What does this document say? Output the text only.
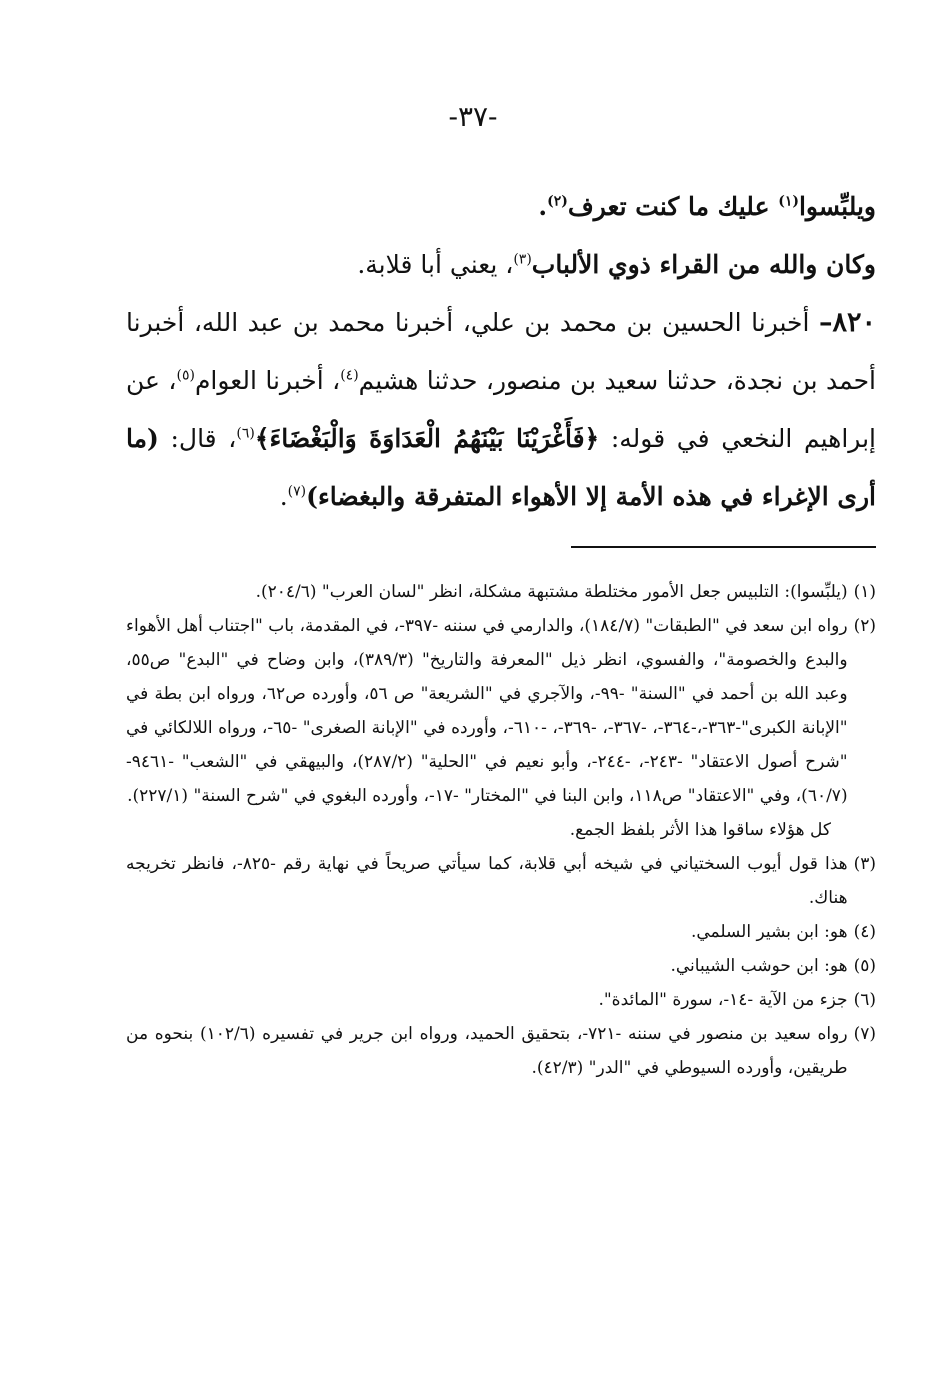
-٣٧-

ويلبِّسوا$^{(١)}$ عليك ما كنت تعرف$^{(٢)}$.

وكان والله من القراء ذوي الألباب$^{(٣)}$، يعني أبا قلابة.

٨٢٠– أخبرنا الحسين بن محمد بن علي، أخبرنا محمد بن عبد الله، أخبرنا أحمد بن نجدة، حدثنا سعيد بن منصور، حدثنا هشيم$^{(٤)}$، أخبرنا العوام$^{(٥)}$، عن إبراهيم النخعي في قوله: ﴿فَأَغْرَيْنَا بَيْنَهُمُ الْعَدَاوَةَ وَالْبَغْضَاءَ﴾$^{(٦)}$، قال: (ما أرى الإغراء في هذه الأمة إلا الأهواء المتفرقة والبغضاء)$^{(٧)}$.

(١)
(يلبِّسوا): التلبيس جعل الأمور مختلطة مشتبهة مشكلة، انظر "لسان العرب" (٢٠٤/٦).
(٢)
رواه ابن سعد في "الطبقات" (١٨٤/٧)، والدارمي في سننه -٣٩٧-، في المقدمة، باب "اجتناب أهل الأهواء والبدع والخصومة"، والفسوي، انظر ذيل "المعرفة والتاريخ" (٣٨٩/٣)، وابن وضاح في "البدع" ص٥٥، وعبد الله بن أحمد في "السنة" -٩٩-، والآجري في "الشريعة" ص ٥٦، وأورده ص٦٢، ورواه ابن بطة في "الإبانة الكبرى"-٣٦٣-،-٣٦٤-، -٣٦٧-، -٣٦٩-، -٦١٠-، وأورده في "الإبانة الصغرى" -٦٥-، ورواه اللالكائي في "شرح أصول الاعتقاد" -٢٤٣-، -٢٤٤-، وأبو نعيم في "الحلية" (٢٨٧/٢)، والبيهقي في "الشعب" -٩٤٦١- (٦٠/٧)، وفي "الاعتقاد" ص١١٨، وابن البنا في "المختار" -١٧-، وأورده البغوي في "شرح السنة" (٢٢٧/١).

كل هؤلاء ساقوا هذا الأثر بلفظ الجمع.

(٣)
هذا قول أيوب السختياني في شيخه أبي قلابة، كما سيأتي صريحاً في نهاية رقم -٨٢٥-، فانظر تخريجه هناك.
(٤)
هو: ابن بشير السلمي.
(٥)
هو: ابن حوشب الشيباني.
(٦)
جزء من الآية -١٤-، سورة "المائدة".
(٧)
رواه سعيد بن منصور في سننه -٧٢١-، بتحقيق الحميد، ورواه ابن جرير في تفسيره (١٠٢/٦) بنحوه من طريقين، وأورده السيوطي في "الدر" (٤٢/٣).
